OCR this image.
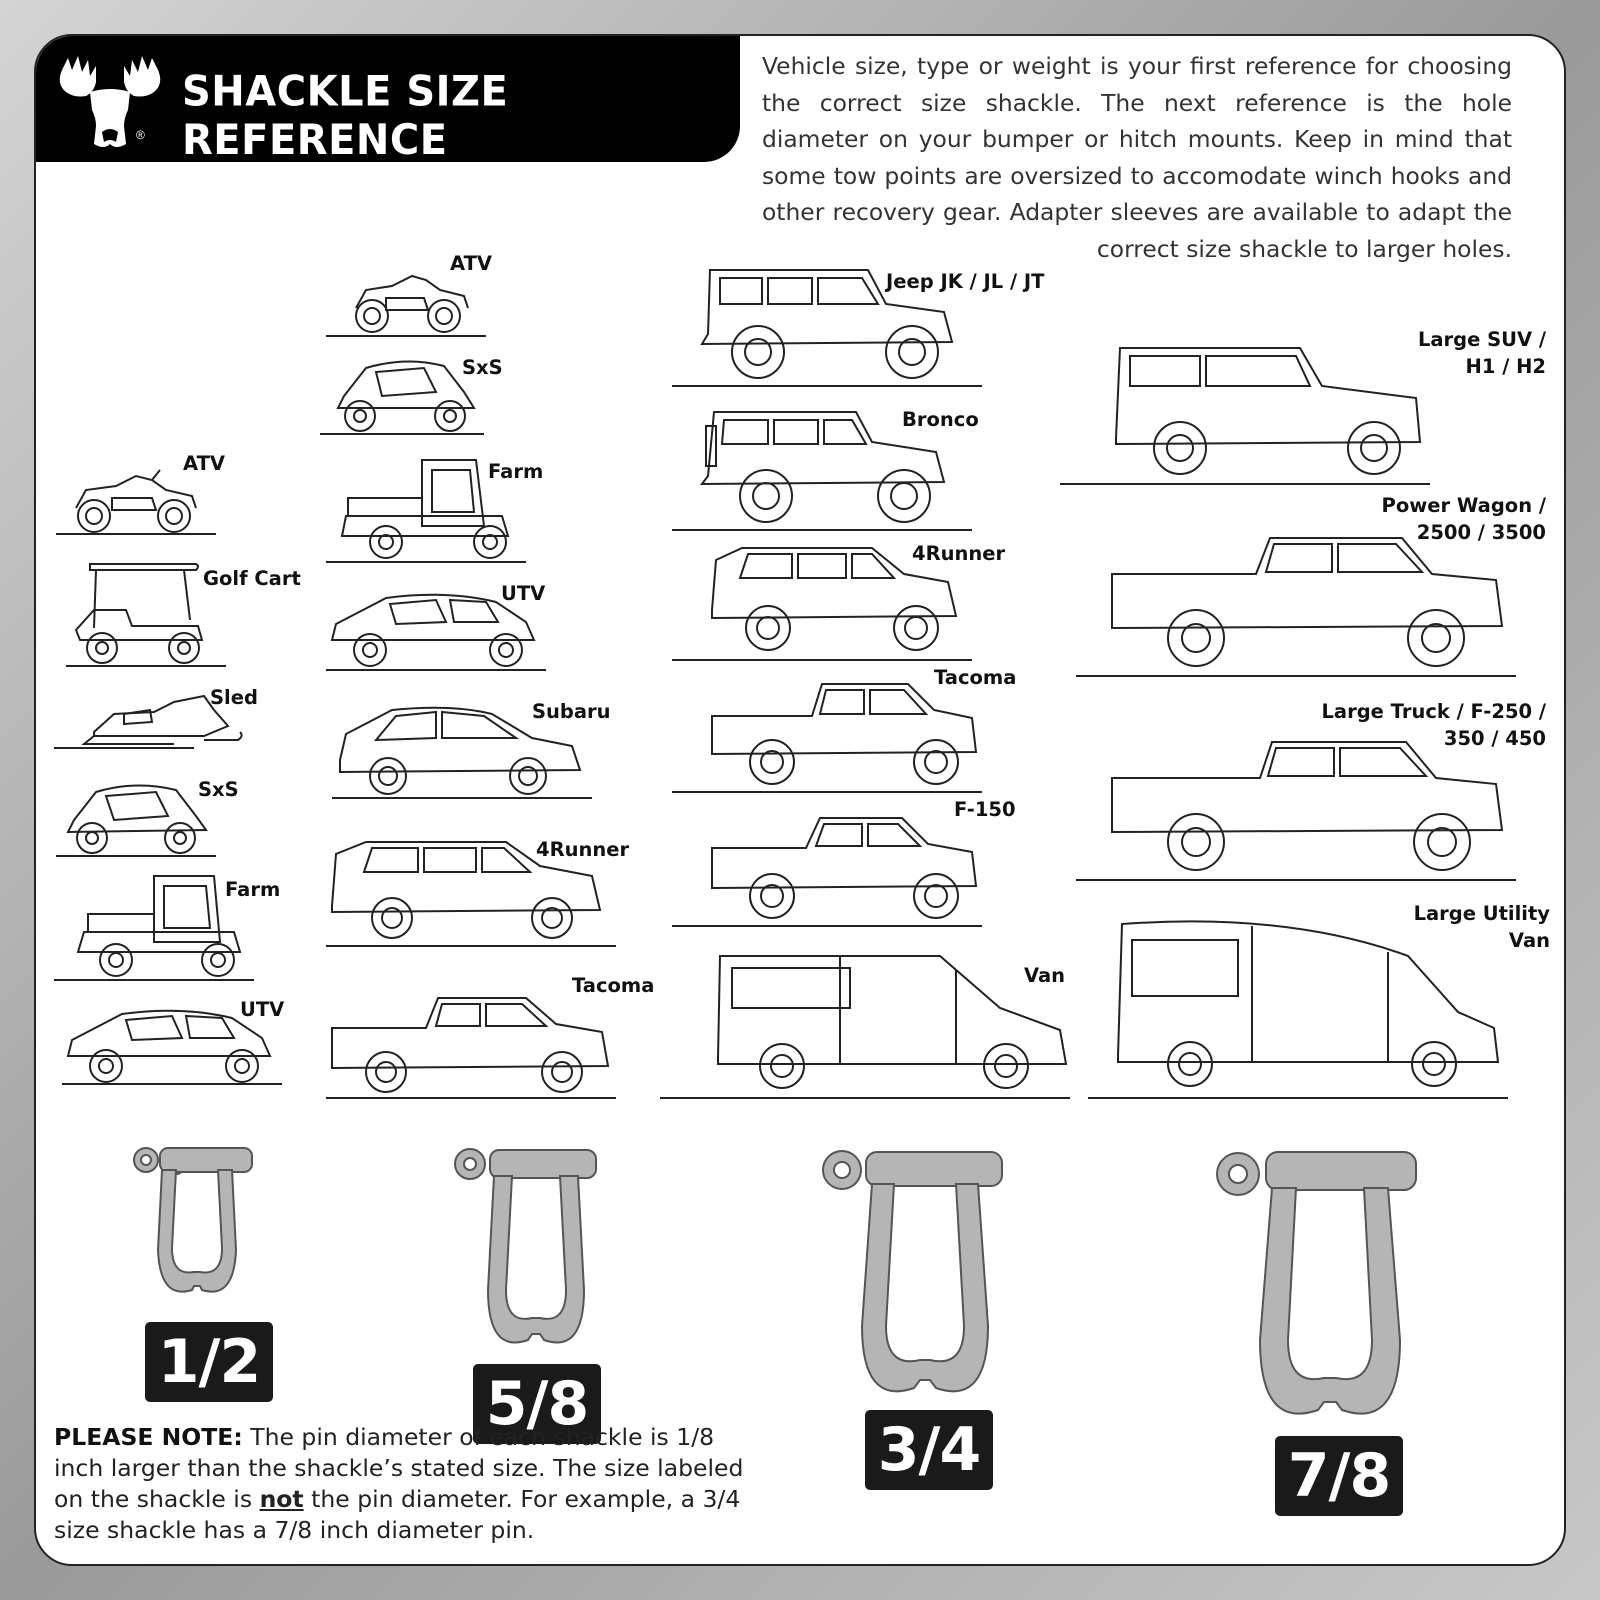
®
SHACKLE SIZE REFERENCE
Vehicle size, type or weight is your first reference for choosing the correct size shackle. The next reference is the hole diameter on your bumper or hitch mounts. Keep in mind that some tow points are oversized to accomodate winch hooks and other recovery gear. Adapter sleeves are available to adapt the correct size shackle to larger holes.
ATV
Golf Cart
Sled
SxS
Farm
UTV
ATV
SxS
Farm
UTV
Subaru
4Runner
Tacoma
Jeep JK / JL / JT
Bronco
4Runner
Tacoma
F-150
Van
Large SUV /
H1 / H2
Power Wagon /
2500 / 3500
Large Truck / F-250 /
350 / 450
Large Utility
Van
1/2
5/8
3/4	7/8
PLEASE NOTE: The pin diameter of each shackle is 1/8 inch larger than the shackle’s stated size. The size labeled on the shackle is not the pin diameter. For example, a 3/4 size shackle has a 7/8 inch diameter pin.
